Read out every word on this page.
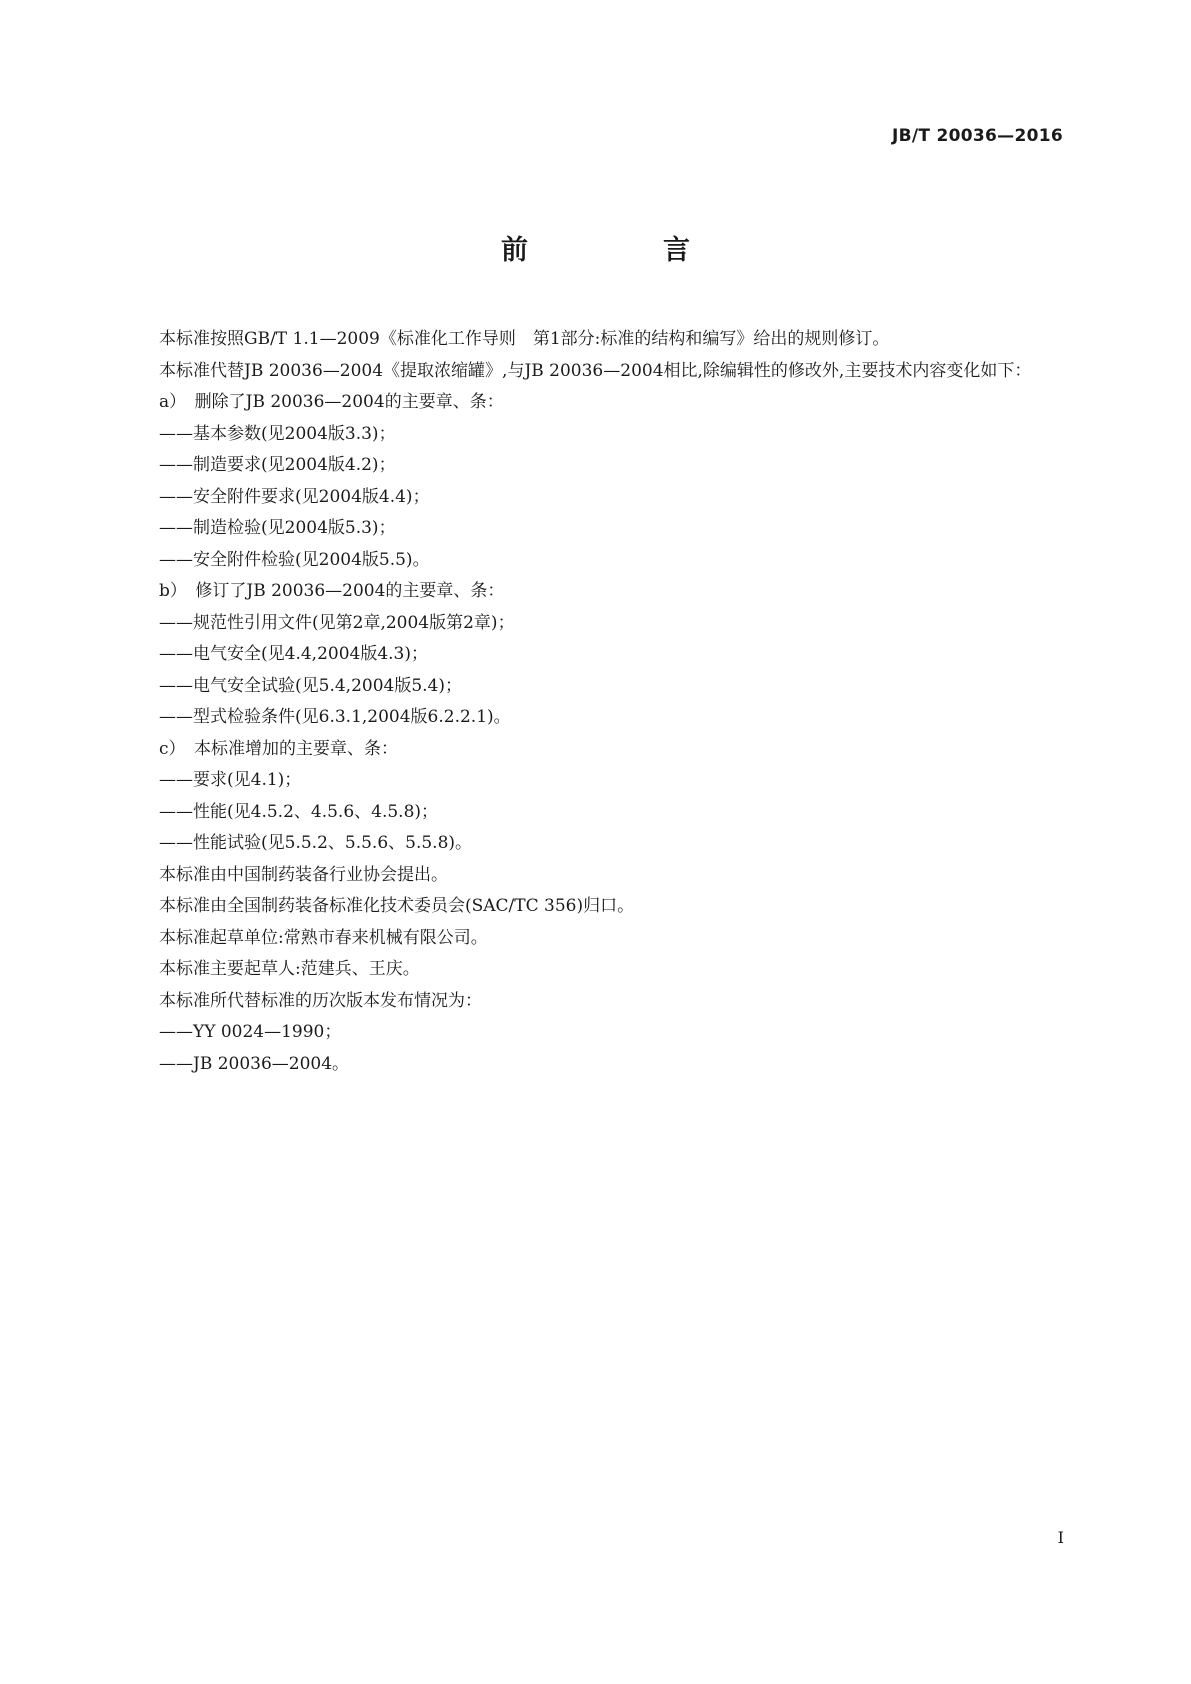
JB/T 20036—2016
前　言

本标准按照GB/T 1.1—2009《标准化工作导则　第1部分:标准的结构和编写》给出的规则修订。

本标准代替JB 20036—2004《提取浓缩罐》,与JB 20036—2004相比,除编辑性的修改外,主要技术内容变化如下：

a）　删除了JB 20036—2004的主要章、条：

——基本参数(见2004版3.3)；

——制造要求(见2004版4.2)；

——安全附件要求(见2004版4.4)；

——制造检验(见2004版5.3)；

——安全附件检验(见2004版5.5)。

b）　修订了JB 20036—2004的主要章、条：

——规范性引用文件(见第2章,2004版第2章)；

——电气安全(见4.4,2004版4.3)；

——电气安全试验(见5.4,2004版5.4)；

——型式检验条件(见6.3.1,2004版6.2.2.1)。

c）　本标准增加的主要章、条：

——要求(见4.1)；

——性能(见4.5.2、4.5.6、4.5.8)；

——性能试验(见5.5.2、5.5.6、5.5.8)。

本标准由中国制药装备行业协会提出。

本标准由全国制药装备标准化技术委员会(SAC/TC 356)归口。

本标准起草单位:常熟市春来机械有限公司。

本标准主要起草人:范建兵、王庆。

本标准所代替标准的历次版本发布情况为：

——YY 0024—1990；

——JB 20036—2004。

I
